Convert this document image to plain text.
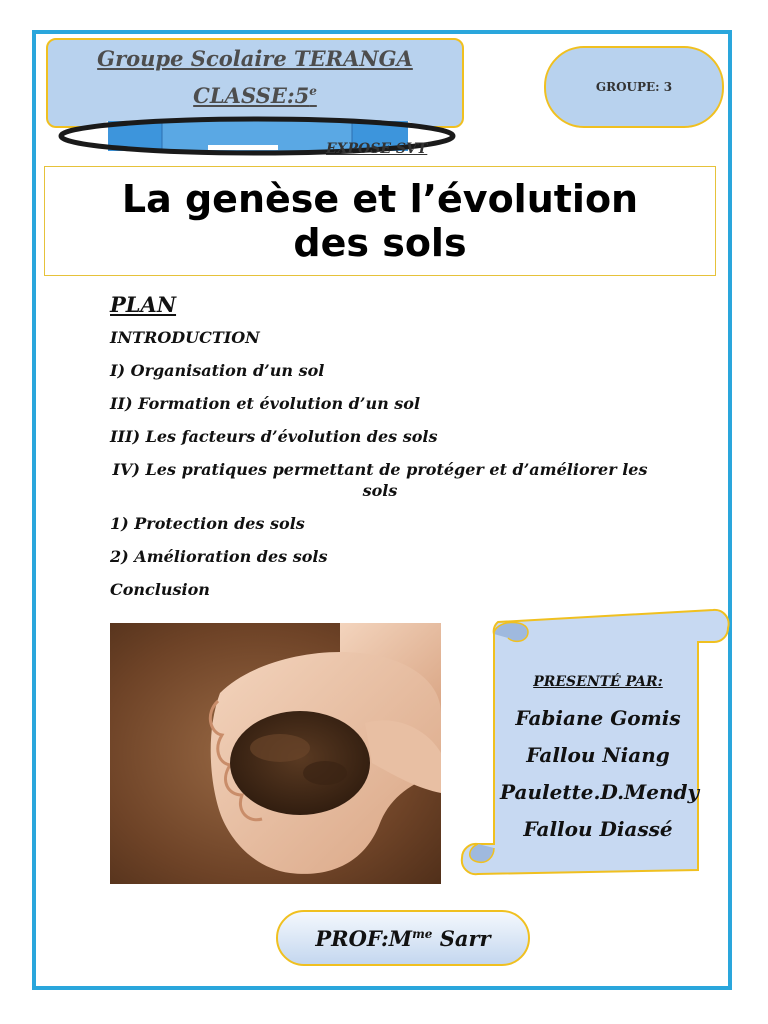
Groupe Scolaire TERANGA
CLASSE:5e	GROUPE: 3
EXPOSE SVT
La genèse et l’évolution
des sols
PLAN
INTRODUCTION
I) Organisation d’un sol
II) Formation et évolution d’un sol
III) Les facteurs d’évolution des sols
IV) Les pratiques permettant de protéger et d’améliorer les sols
1) Protection des sols
2) Amélioration des sols
Conclusion
PRESENTÉ PAR:
Fabiane Gomis
Fallou Niang
Paulette.D.Mendy
Fallou Diassé
$PROF:M^{me}$ Sarr
